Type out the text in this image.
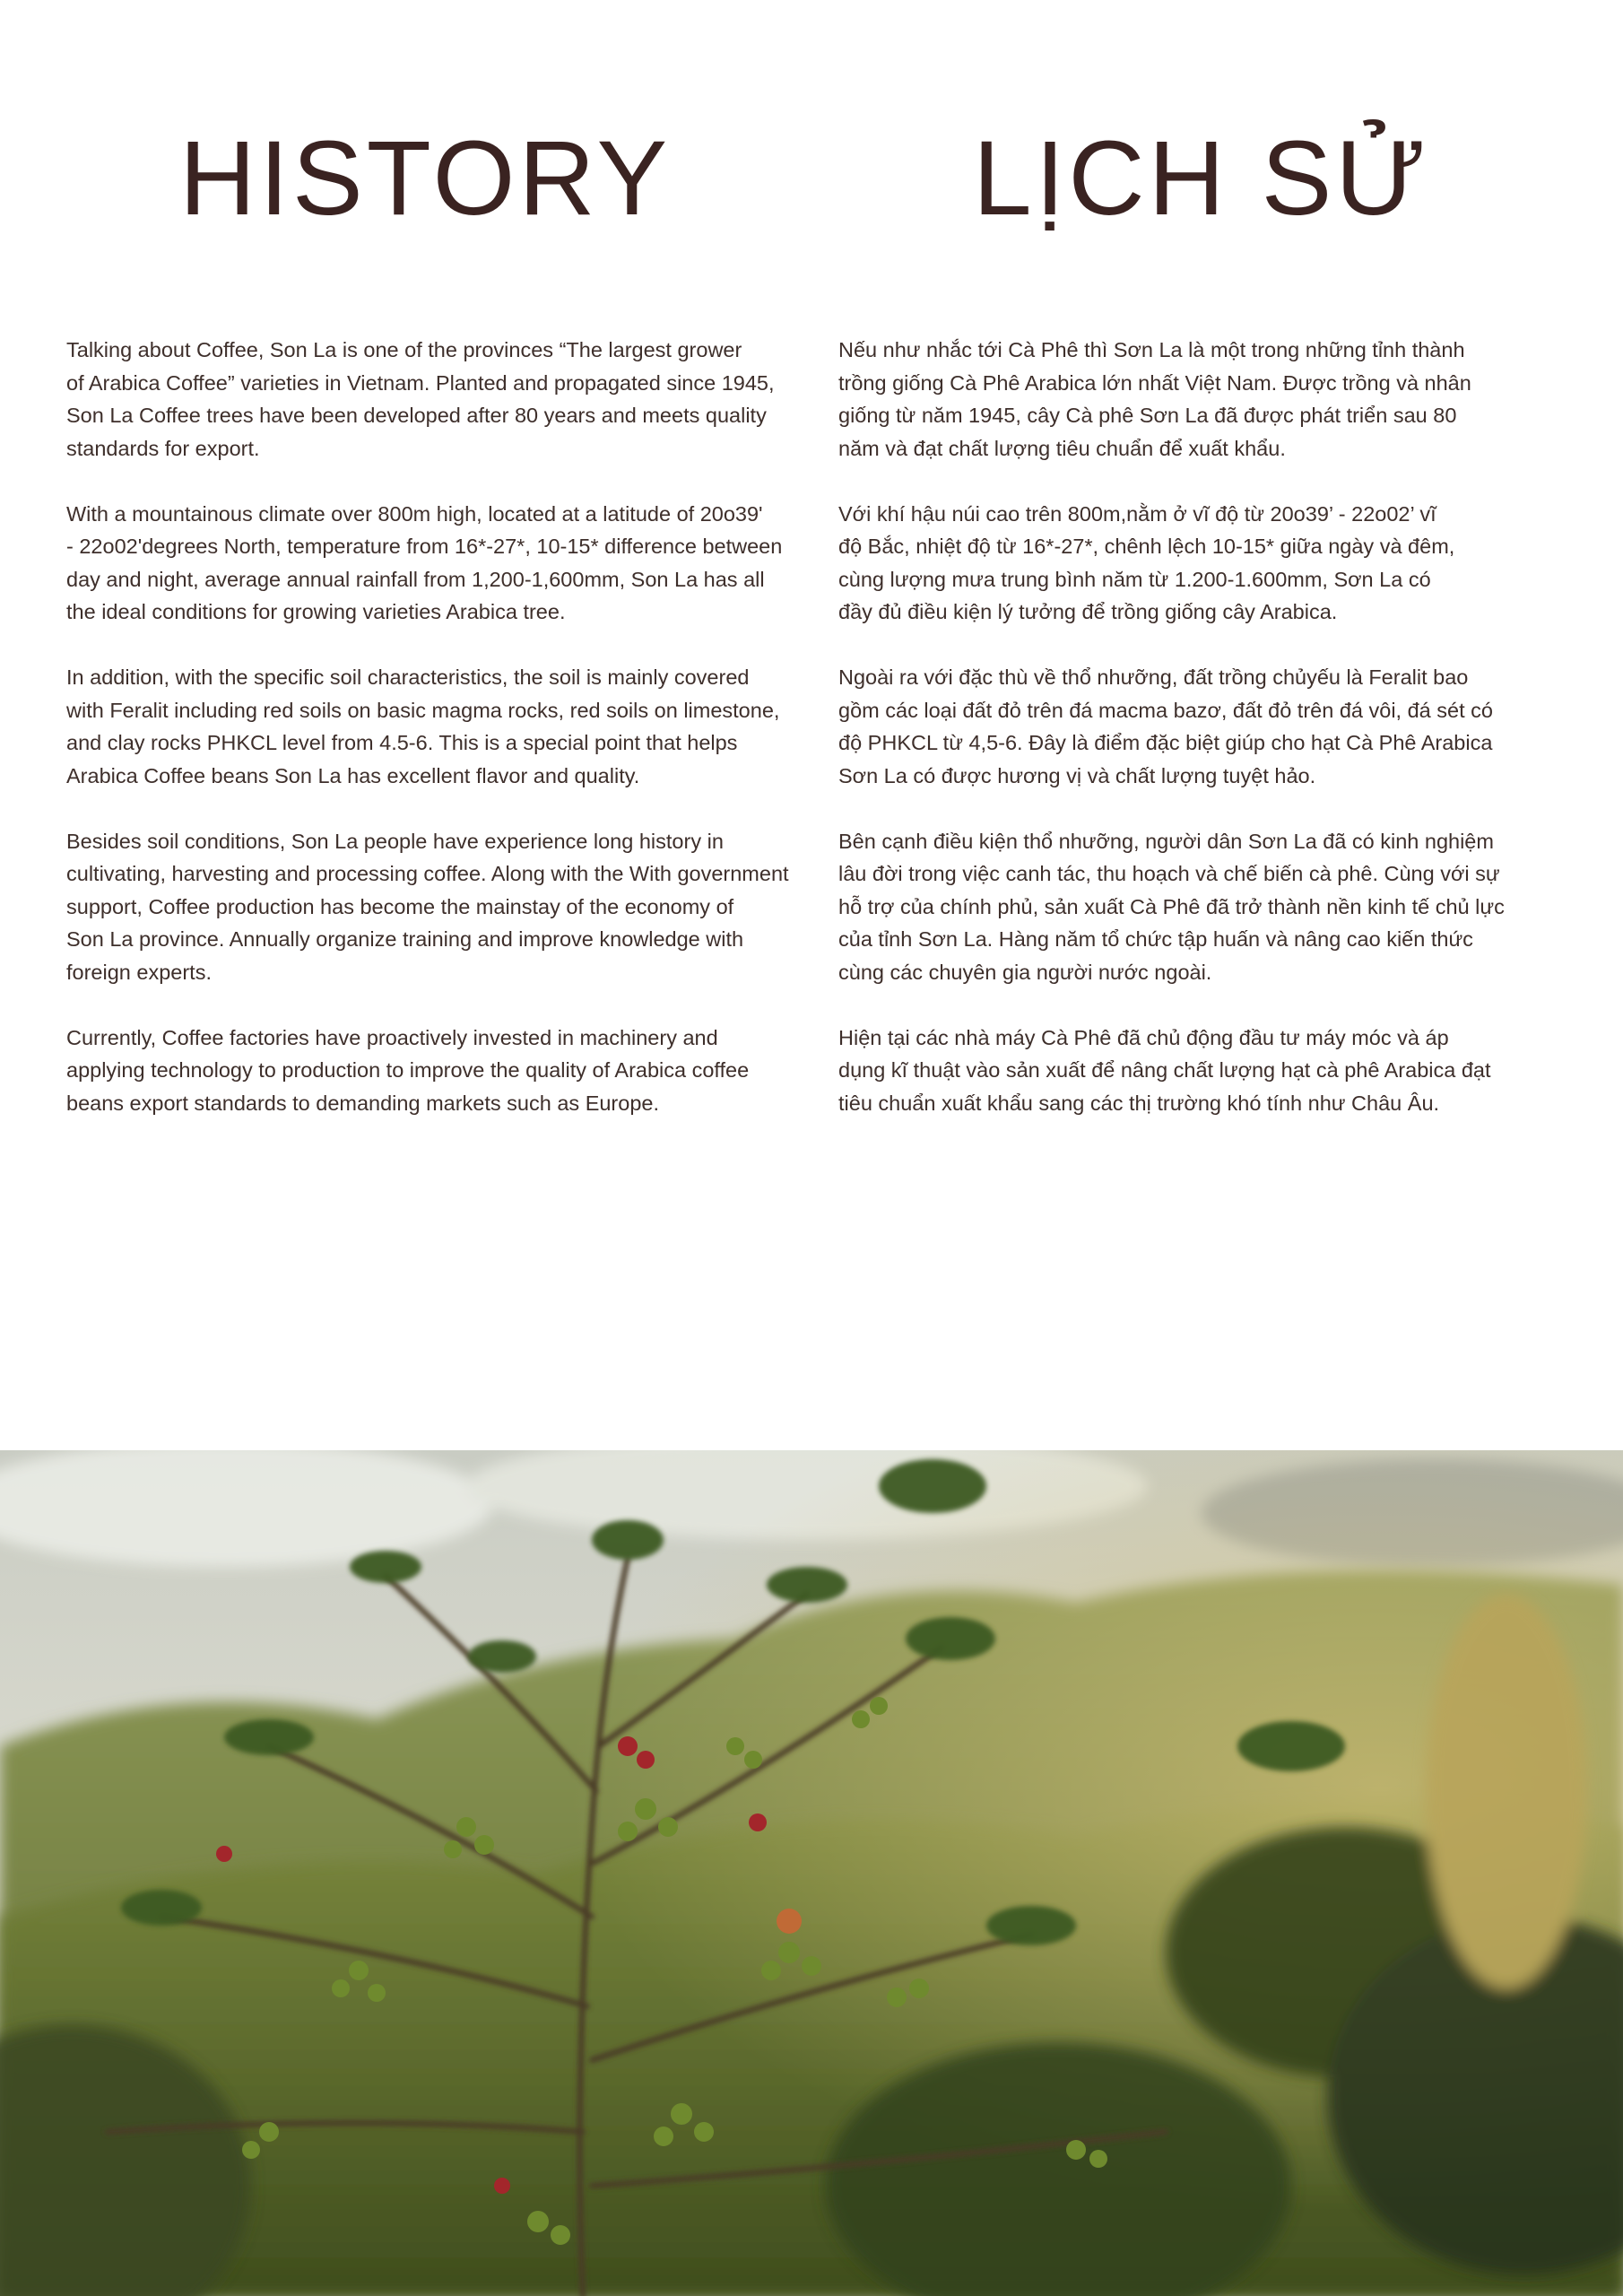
HISTORY	LỊCH SỬ

Talking about Coffee, Son La is one of the provinces “The largest grower
of Arabica Coffee” varieties in Vietnam. Planted and propagated since 1945,
Son La Coffee trees have been developed after 80 years and meets quality
standards for export.

With a mountainous climate over 800m high, located at a latitude of 20o39'
- 22o02'degrees North, temperature from 16*-27*, 10-15* difference between
day and night, average annual rainfall from 1,200-1,600mm, Son La has all
the ideal conditions for growing varieties Arabica tree.

In addition, with the specific soil characteristics, the soil is mainly covered
with Feralit including red soils on basic magma rocks, red soils on limestone,
and clay rocks PHKCL level from 4.5-6. This is a special point that helps
Arabica Coffee beans Son La has excellent flavor and quality.

Besides soil conditions, Son La people have experience long history in
cultivating, harvesting and processing coffee. Along with the With government
support, Coffee production has become the mainstay of the economy of
Son La province. Annually organize training and improve knowledge with
foreign experts.

Currently, Coffee factories have proactively invested in machinery and
applying technology to production to improve the quality of Arabica coffee
beans export standards to demanding markets such as Europe.

Nếu như nhắc tới Cà Phê thì Sơn La là một trong những tỉnh thành
trồng giống Cà Phê Arabica lớn nhất Việt Nam. Được trồng và nhân
giống từ năm 1945, cây Cà phê Sơn La đã được phát triển sau 80
năm và đạt chất lượng tiêu chuẩn để xuất khẩu.

Với khí hậu núi cao trên 800m,nằm ở vĩ độ từ 20o39’ - 22o02’ vĩ
độ Bắc, nhiệt độ từ 16*-27*, chênh lệch 10-15* giữa ngày và đêm,
cùng lượng mưa trung bình năm từ 1.200-1.600mm, Sơn La có
đầy đủ điều kiện lý tưởng để trồng giống cây Arabica.

Ngoài ra với đặc thù về thổ nhưỡng, đất trồng chủyếu là Feralit bao
gồm các loại đất đỏ trên đá macma bazơ, đất đỏ trên đá vôi, đá sét có
độ PHKCL từ 4,5-6. Đây là điểm đặc biệt giúp cho hạt Cà Phê Arabica
Sơn La có được hương vị và chất lượng tuyệt hảo.

Bên cạnh điều kiện thổ nhưỡng, người dân Sơn La đã có kinh nghiệm
lâu đời trong việc canh tác, thu hoạch và chế biến cà phê. Cùng với sự
hỗ trợ của chính phủ, sản xuất Cà Phê đã trở thành nền kinh tế chủ lực
của tỉnh Sơn La. Hàng năm tổ chức tập huấn và nâng cao kiến thức
cùng các chuyên gia người nước ngoài.

Hiện tại các nhà máy Cà Phê đã chủ động đầu tư máy móc và áp
dụng kĩ thuật vào sản xuất để nâng chất lượng hạt cà phê Arabica đạt
tiêu chuẩn xuất khẩu sang các thị trường khó tính như Châu Âu.
